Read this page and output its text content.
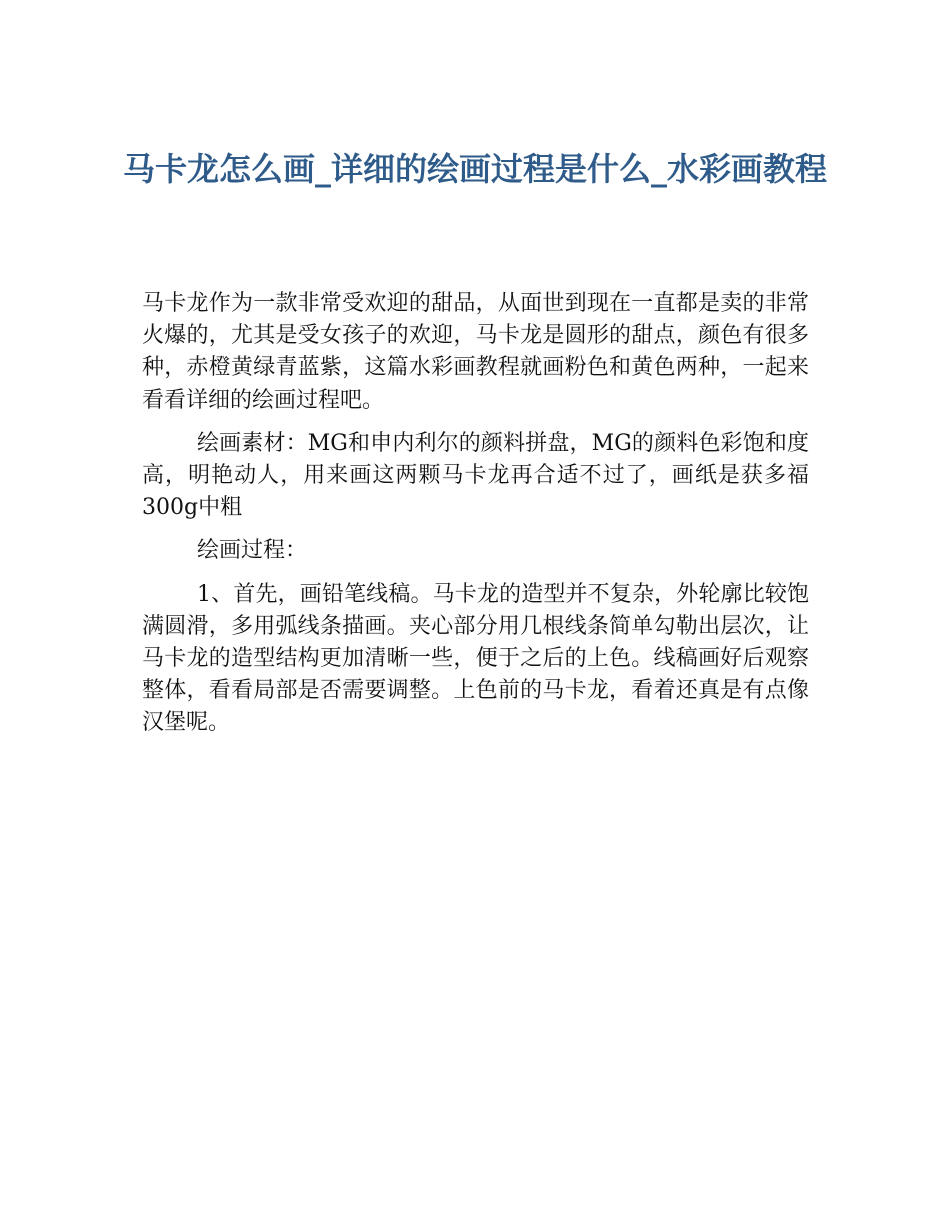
马卡龙怎么画_详细的绘画过程是什么_水彩画教程

马卡龙作为一款非常受欢迎的甜品，从面世到现在一直都是卖的非常火爆的，尤其是受女孩子的欢迎，马卡龙是圆形的甜点，颜色有很多种，赤橙黄绿青蓝紫，这篇水彩画教程就画粉色和黄色两种，一起来看看详细的绘画过程吧。

绘画素材：MG和申内利尔的颜料拼盘，MG的颜料色彩饱和度高，明艳动人，用来画这两颗马卡龙再合适不过了，画纸是获多福300g中粗

绘画过程：

1、首先，画铅笔线稿。马卡龙的造型并不复杂，外轮廓比较饱满圆滑，多用弧线条描画。夹心部分用几根线条简单勾勒出层次，让马卡龙的造型结构更加清晰一些，便于之后的上色。线稿画好后观察整体，看看局部是否需要调整。上色前的马卡龙，看着还真是有点像汉堡呢。
